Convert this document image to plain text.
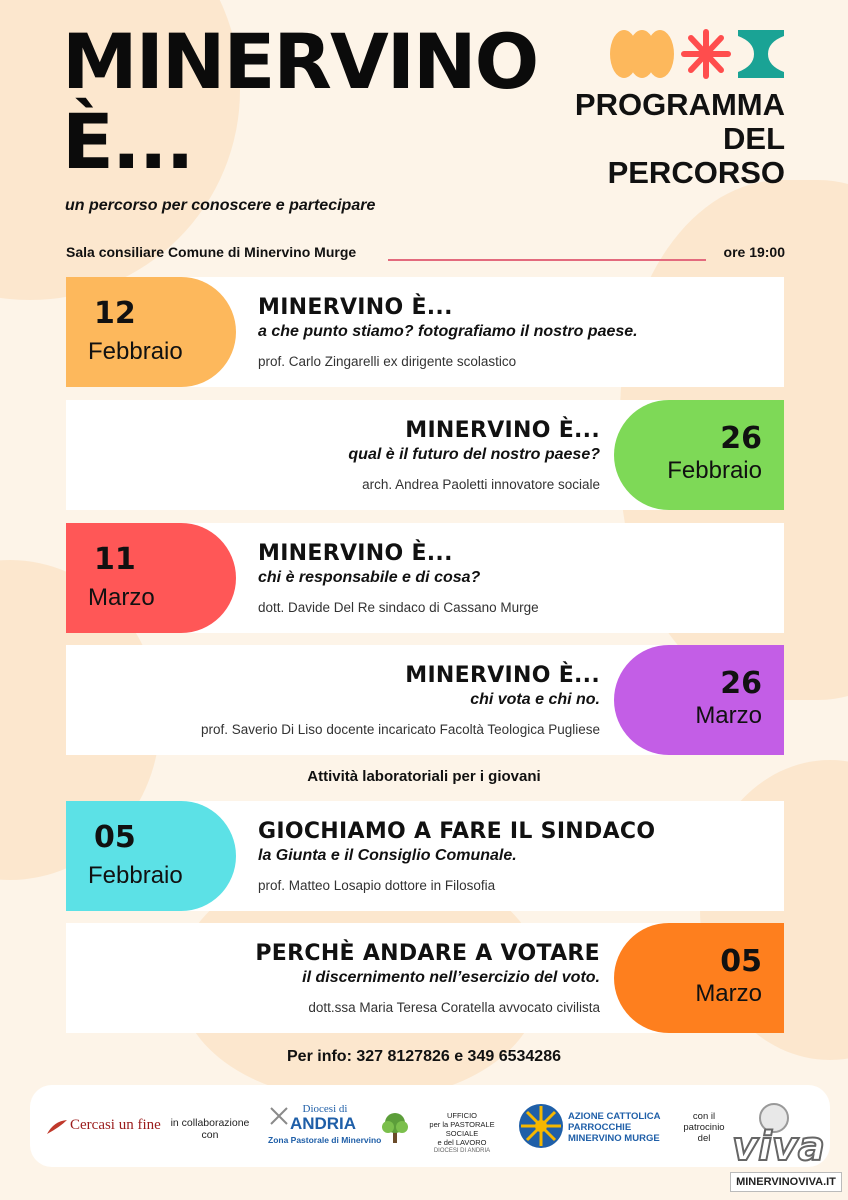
MINERVINO
È...
un percorso per conoscere e partecipare
PROGRAMMA
DEL PERCORSO
Sala consiliare Comune di Minervino Murge	ore 19:00
12
Febbraio
MINERVINO È...
a che punto stiamo? fotografiamo il nostro paese.
prof. Carlo Zingarelli ex dirigente scolastico
26
Febbraio
MINERVINO È...
qual è il futuro del nostro paese?
arch. Andrea Paoletti innovatore sociale
11
Marzo
MINERVINO È...
chi è responsabile e di cosa?
dott. Davide Del Re sindaco di Cassano Murge
26
Marzo
MINERVINO È...
chi vota e chi no.
prof. Saverio Di Liso docente incaricato Facoltà Teologica Pugliese
Attività laboratoriali per i giovani
05
Febbraio
GIOCHIAMO A FARE IL SINDACO
la Giunta e il Consiglio Comunale.
prof. Matteo Losapio dottore in Filosofia
05
Marzo
PERCHÈ ANDARE A VOTARE
il discernimento nell’esercizio del voto.
dott.ssa Maria Teresa Coratella avvocato civilista
Per info: 327 8127826 e 349 6534286
Cercasi un fine in collaborazione con
Diocesi di
ANDRIA
Zona Pastorale di Minervino
UFFICIO
per la PASTORALE SOCIALE
e del LAVORO
DIOCESI DI ANDRIA
AZIONE CATTOLICA
PARROCCHIE
MINERVINO MURGE
con il patrocinio del viva
MINERVINOVIVA.IT
